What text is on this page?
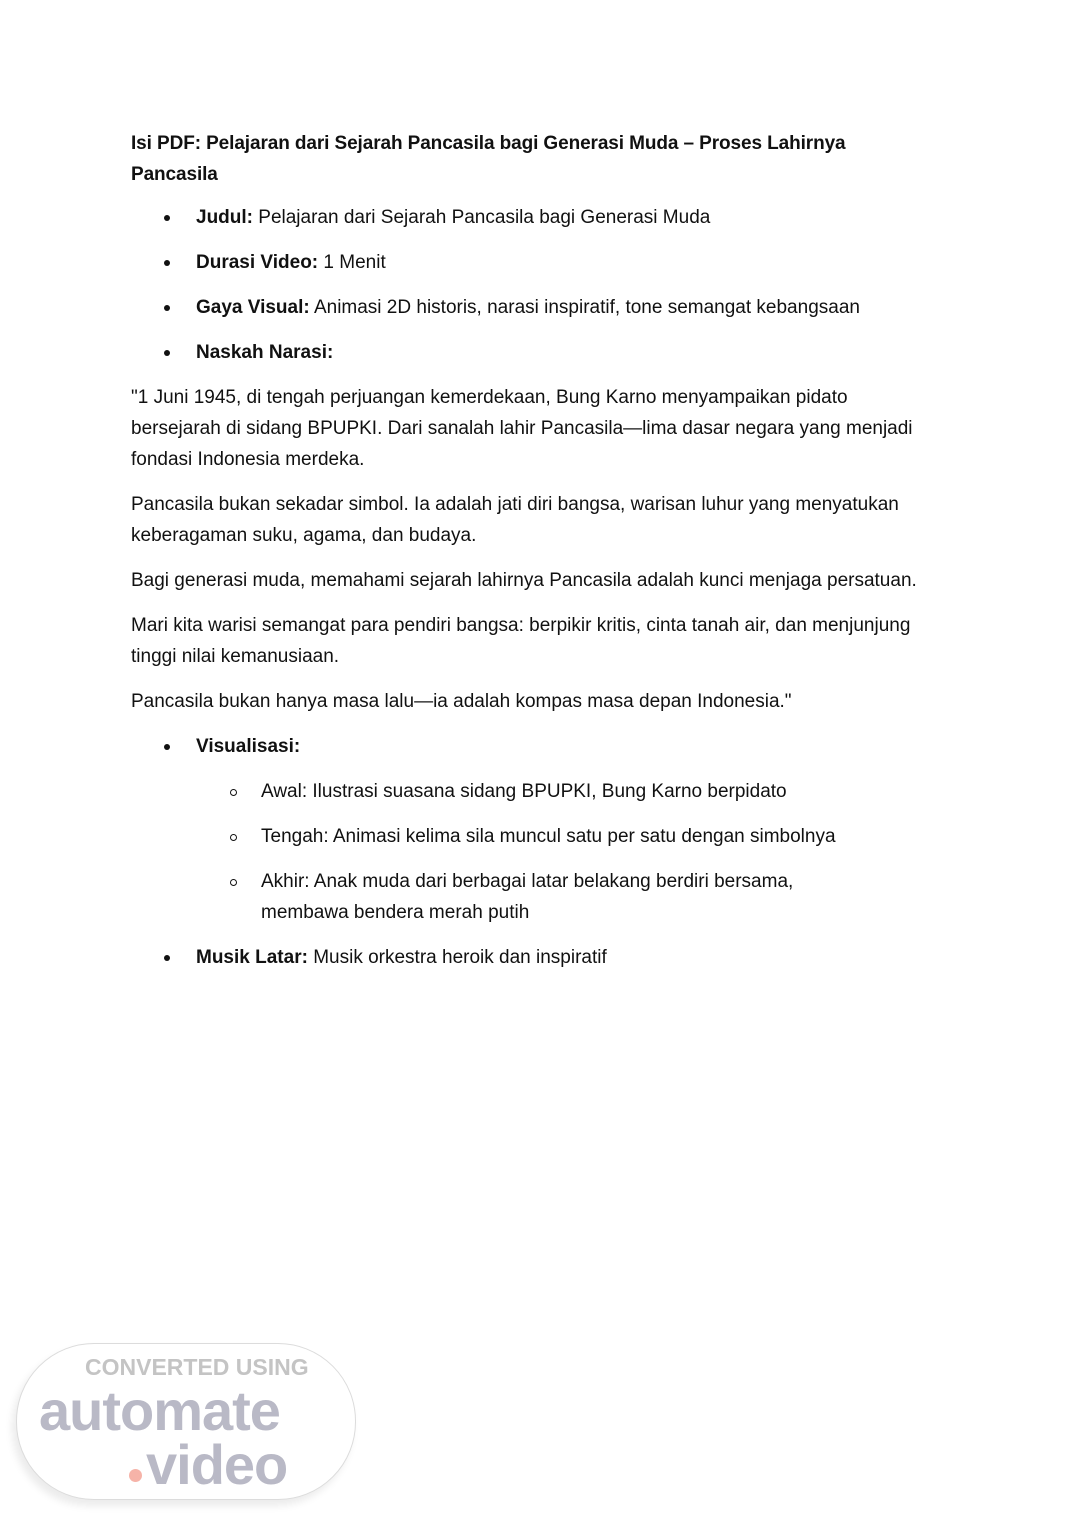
Isi PDF: Pelajaran dari Sejarah Pancasila bagi Generasi Muda – Proses Lahirnya Pancasila

Judul: Pelajaran dari Sejarah Pancasila bagi Generasi Muda
Durasi Video: 1 Menit
Gaya Visual: Animasi 2D historis, narasi inspiratif, tone semangat kebangsaan
Naskah Narasi:

"1 Juni 1945, di tengah perjuangan kemerdekaan, Bung Karno menyampaikan pidato bersejarah di sidang BPUPKI. Dari sanalah lahir Pancasila—lima dasar negara yang menjadi fondasi Indonesia merdeka.

Pancasila bukan sekadar simbol. Ia adalah jati diri bangsa, warisan luhur yang menyatukan keberagaman suku, agama, dan budaya.

Bagi generasi muda, memahami sejarah lahirnya Pancasila adalah kunci menjaga persatuan.

Mari kita warisi semangat para pendiri bangsa: berpikir kritis, cinta tanah air, dan menjunjung tinggi nilai kemanusiaan.

Pancasila bukan hanya masa lalu—ia adalah kompas masa depan Indonesia."

Visualisasi:
Awal: Ilustrasi suasana sidang BPUPKI, Bung Karno berpidato
Tengah: Animasi kelima sila muncul satu per satu dengan simbolnya
Akhir: Anak muda dari berbagai latar belakang berdiri bersama, membawa bendera merah putih
Musik Latar: Musik orkestra heroik dan inspiratif
CONVERTED USING
automate
video
